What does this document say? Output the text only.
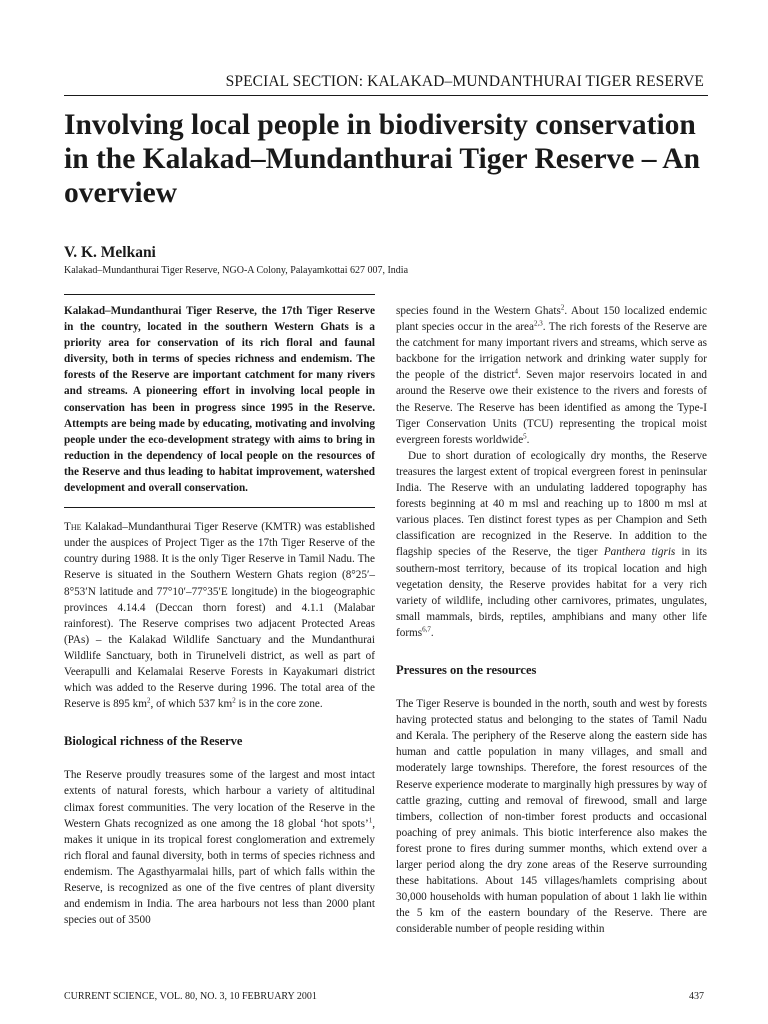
SPECIAL SECTION: KALAKAD–MUNDANTHURAI TIGER RESERVE
Involving local people in biodiversity conservation in the Kalakad–Mundanthurai Tiger Reserve – An overview
V. K. Melkani
Kalakad–Mundanthurai Tiger Reserve, NGO-A Colony, Palayamkottai 627 007, India

Kalakad–Mundanthurai Tiger Reserve, the 17th Tiger Reserve in the country, located in the southern Western Ghats is a priority area for conservation of its rich floral and faunal diversity, both in terms of species richness and endemism. The forests of the Reserve are important catchment for many rivers and streams. A pioneering effort in involving local people in conservation has been in progress since 1995 in the Reserve. Attempts are being made by educating, motivating and involving people under the eco-development strategy with aims to bring in reduction in the dependency of local people on the resources of the Reserve and thus leading to habitat improvement, watershed development and overall conservation.

The Kalakad–Mundanthurai Tiger Reserve (KMTR) was established under the auspices of Project Tiger as the 17th Tiger Reserve of the country during 1988. It is the only Tiger Reserve in Tamil Nadu. The Reserve is situated in the Southern Western Ghats region (8°25′–8°53′N latitude and 77°10′–77°35′E longitude) in the biogeographic provinces 4.14.4 (Deccan thorn forest) and 4.1.1 (Malabar rainforest). The Reserve comprises two adjacent Protected Areas (PAs) – the Kalakad Wildlife Sanctuary and the Mundanthurai Wildlife Sanctuary, both in Tirunelveli district, as well as part of Veerapulli and Kelamalai Reserve Forests in Kayakumari district which was added to the Reserve during 1996. The total area of the Reserve is 895 $km^2$, of which 537 $km^2$ is in the core zone.

Biological richness of the Reserve

The Reserve proudly treasures some of the largest and most intact extents of natural forests, which harbour a variety of altitudinal climax forest communities. The very location of the Reserve in the Western Ghats recognized as one among the 18 global ‘hot spots’$^1$, makes it unique in its tropical forest conglomeration and extremely rich floral and faunal diversity, both in terms of species richness and endemism. The Agasthyarmalai hills, part of which falls within the Reserve, is recognized as one of the five centres of plant diversity and endemism in India. The area harbours not less than 2000 plant species out of 3500

species found in the Western Ghats$^2$. About 150 localized endemic plant species occur in the area$^{2,3}$. The rich forests of the Reserve are the catchment for many important rivers and streams, which serve as backbone for the irrigation network and drinking water supply for the people of the district$^4$. Seven major reservoirs located in and around the Reserve owe their existence to the rivers and forests of the Reserve. The Reserve has been identified as among the Type-I Tiger Conservation Units (TCU) representing the tropical moist evergreen forests worldwide$^5$.

Due to short duration of ecologically dry months, the Reserve treasures the largest extent of tropical evergreen forest in peninsular India. The Reserve with an undulating laddered topography has forests beginning at 40 m msl and reaching up to 1800 m msl at various places. Ten distinct forest types as per Champion and Seth classification are recognized in the Reserve. In addition to the flagship species of the Reserve, the tiger Panthera tigris in its southern-most territory, because of its tropical location and high vegetation density, the Reserve provides habitat for a very rich variety of wildlife, including other carnivores, primates, ungulates, small mammals, birds, reptiles, amphibians and many other life forms$^{6,7}$.

Pressures on the resources

The Tiger Reserve is bounded in the north, south and west by forests having protected status and belonging to the states of Tamil Nadu and Kerala. The periphery of the Reserve along the eastern side has human and cattle population in many villages, and small and moderately large townships. Therefore, the forest resources of the Reserve experience moderate to marginally high pressures by way of cattle grazing, cutting and removal of firewood, small and large timbers, collection of non-timber forest products and occasional poaching of prey animals. This biotic interference also makes the forest prone to fires during summer months, which extend over a larger period along the dry zone areas of the Reserve surrounding these habitations. About 145 villages/hamlets comprising about 30,000 households with human population of about 1 lakh lie within the 5 km of the eastern boundary of the Reserve. There are considerable number of people residing within

CURRENT SCIENCE, VOL. 80, NO. 3, 10 FEBRUARY 2001	437
